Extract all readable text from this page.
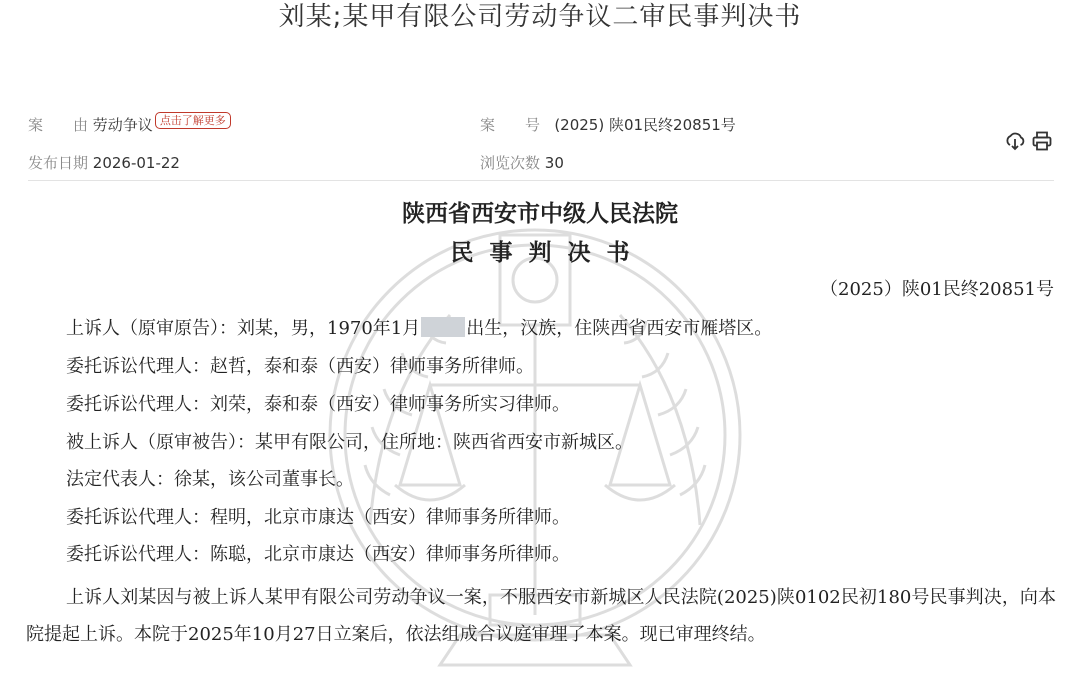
刘某;某甲有限公司劳动争议二审民事判决书
案　　由 劳动争议 点击了解更多	案　　号 (2025) 陕01民终20851号
发布日期 2026-01-22	浏览次数 30
陕西省西安市中级人民法院
民事判决书
（2025）陕01民终20851号
上诉人（原审原告）：刘某，男，1970年1月	出生，汉族，住陕西省西安市雁塔区。
委托诉讼代理人：赵哲，泰和泰（西安）律师事务所律师。
委托诉讼代理人：刘荣，泰和泰（西安）律师事务所实习律师。
被上诉人（原审被告）：某甲有限公司，住所地：陕西省西安市新城区。
法定代表人：徐某，该公司董事长。
委托诉讼代理人：程明，北京市康达（西安）律师事务所律师。
委托诉讼代理人：陈聪，北京市康达（西安）律师事务所律师。
上诉人刘某因与被上诉人某甲有限公司劳动争议一案，不服西安市新城区人民法院(2025)陕0102民初180号民事判决，向本院提起上诉。本院于2025年10月27日立案后，依法组成合议庭审理了本案。现已审理终结。
